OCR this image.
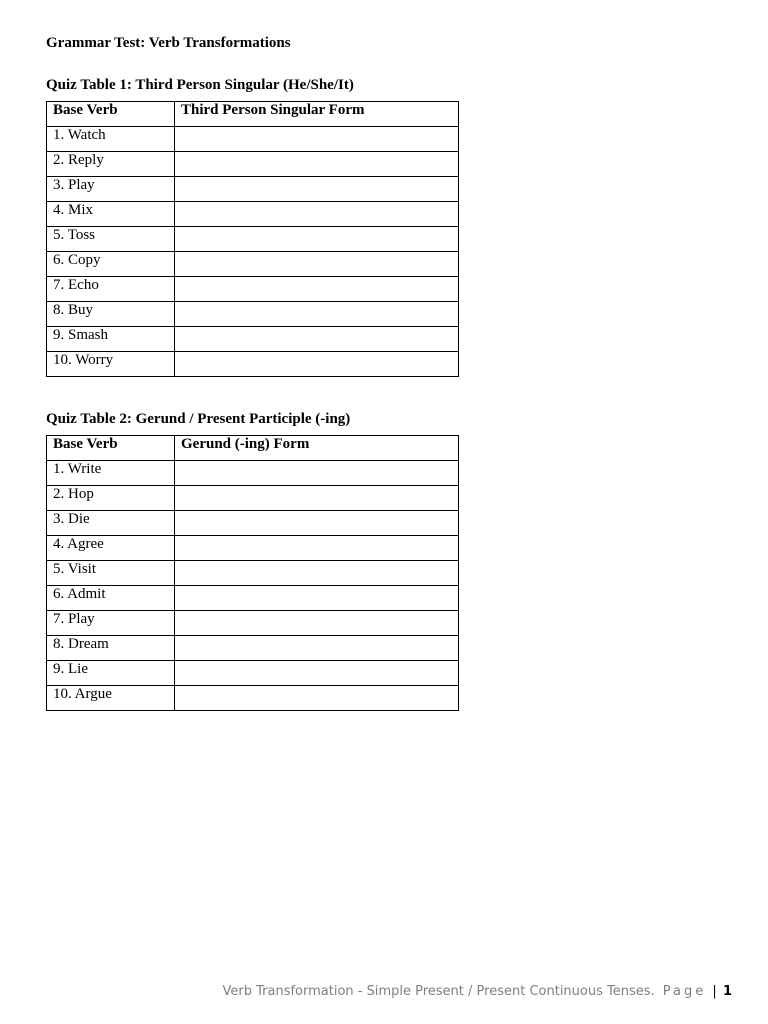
Grammar Test: Verb Transformations
Quiz Table 1: Third Person Singular (He/She/It)
Base Verb	Third Person Singular Form
1. Watch	
2. Reply	
3. Play	
4. Mix	
5. Toss	
6. Copy	
7. Echo	
8. Buy	
9. Smash	
10. Worry	
Quiz Table 2: Gerund / Present Participle (-ing)
Base Verb	Gerund (-ing) Form
1. Write	
2. Hop	
3. Die	
4. Agree	
5. Visit	
6. Admit	
7. Play	
8. Dream	
9. Lie	
10. Argue	
Verb Transformation - Simple Present / Present Continuous Tenses. Page | 1
